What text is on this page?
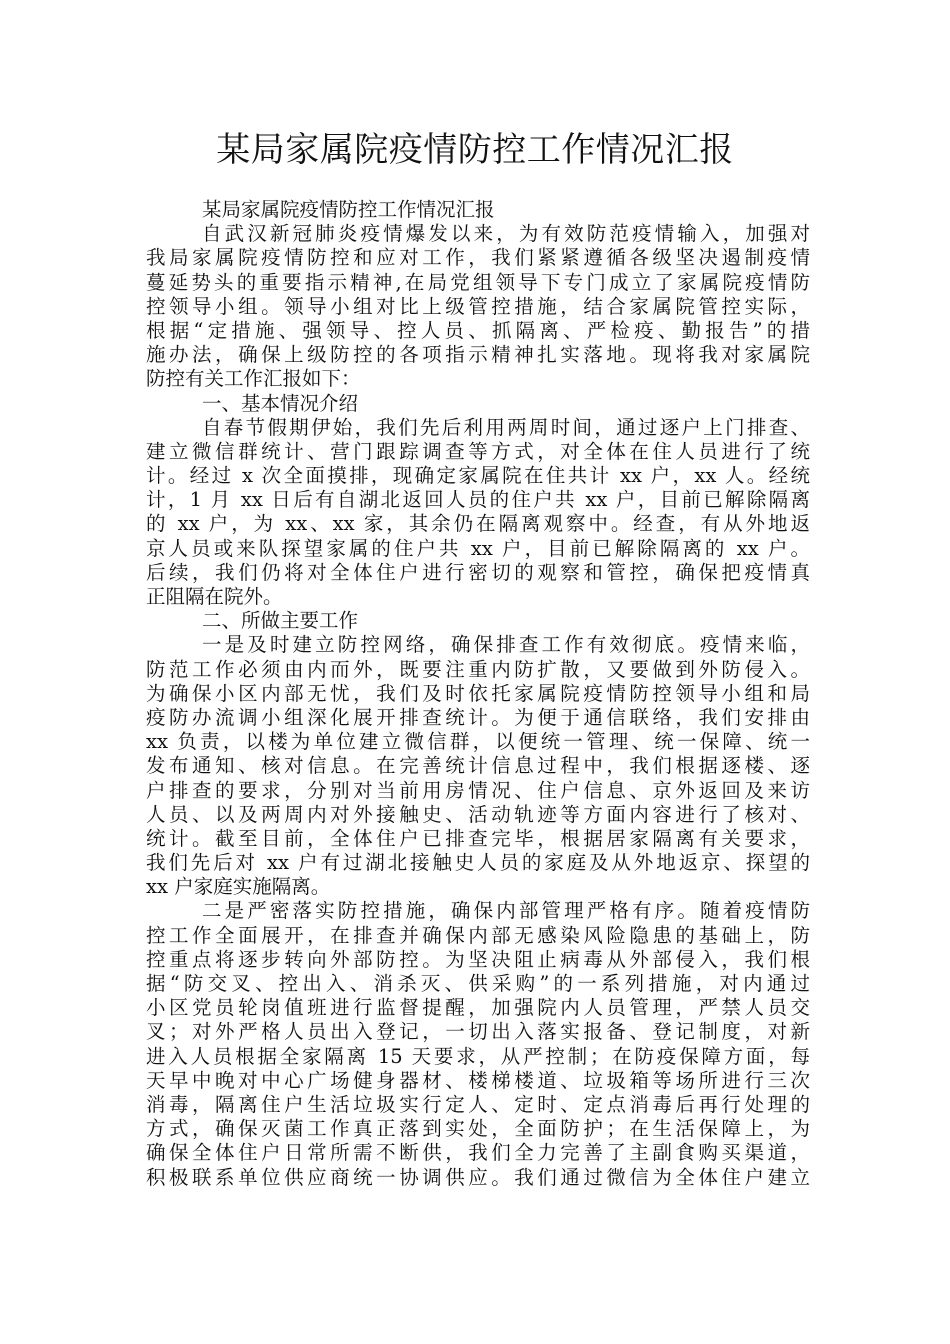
某局家属院疫情防控工作情况汇报
某局家属院疫情防控工作情况汇报
自武汉新冠肺炎疫情爆发以来，为有效防范疫情输入，加强对
我局家属院疫情防控和应对工作，我们紧紧遵循各级坚决遏制疫情
蔓延势头的重要指示精神,在局党组领导下专门成立了家属院疫情防
控领导小组。领导小组对比上级管控措施，结合家属院管控实际，
根据“定措施、强领导、控人员、抓隔离、严检疫、勤报告”的措
施办法，确保上级防控的各项指示精神扎实落地。现将我对家属院
防控有关工作汇报如下：
一、基本情况介绍
自春节假期伊始，我们先后利用两周时间，通过逐户上门排查、
建立微信群统计、营门跟踪调查等方式，对全体在住人员进行了统
计。经过 x 次全面摸排，现确定家属院在住共计 xx 户，xx 人。经统
计，1 月 xx 日后有自湖北返回人员的住户共 xx 户，目前已解除隔离
的 xx 户，为 xx、xx 家，其余仍在隔离观察中。经查，有从外地返
京人员或来队探望家属的住户共 xx 户，目前已解除隔离的 xx 户。
后续，我们仍将对全体住户进行密切的观察和管控，确保把疫情真
正阻隔在院外。
二、所做主要工作
一是及时建立防控网络，确保排查工作有效彻底。疫情来临，
防范工作必须由内而外，既要注重内防扩散，又要做到外防侵入。
为确保小区内部无忧，我们及时依托家属院疫情防控领导小组和局
疫防办流调小组深化展开排查统计。为便于通信联络，我们安排由
xx 负责，以楼为单位建立微信群，以便统一管理、统一保障、统一
发布通知、核对信息。在完善统计信息过程中，我们根据逐楼、逐
户排查的要求，分别对当前用房情况、住户信息、京外返回及来访
人员、以及两周内对外接触史、活动轨迹等方面内容进行了核对、
统计。截至目前，全体住户已排查完毕，根据居家隔离有关要求，
我们先后对 xx 户有过湖北接触史人员的家庭及从外地返京、探望的
xx 户家庭实施隔离。
二是严密落实防控措施，确保内部管理严格有序。随着疫情防
控工作全面展开，在排查并确保内部无感染风险隐患的基础上，防
控重点将逐步转向外部防控。为坚决阻止病毒从外部侵入，我们根
据“防交叉、控出入、消杀灭、供采购”的一系列措施，对内通过
小区党员轮岗值班进行监督提醒，加强院内人员管理，严禁人员交
叉；对外严格人员出入登记，一切出入落实报备、登记制度，对新
进入人员根据全家隔离 15 天要求，从严控制；在防疫保障方面，每
天早中晚对中心广场健身器材、楼梯楼道、垃圾箱等场所进行三次
消毒，隔离住户生活垃圾实行定人、定时、定点消毒后再行处理的
方式，确保灭菌工作真正落到实处，全面防护；在生活保障上，为
确保全体住户日常所需不断供，我们全力完善了主副食购买渠道，
积极联系单位供应商统一协调供应。我们通过微信为全体住户建立
